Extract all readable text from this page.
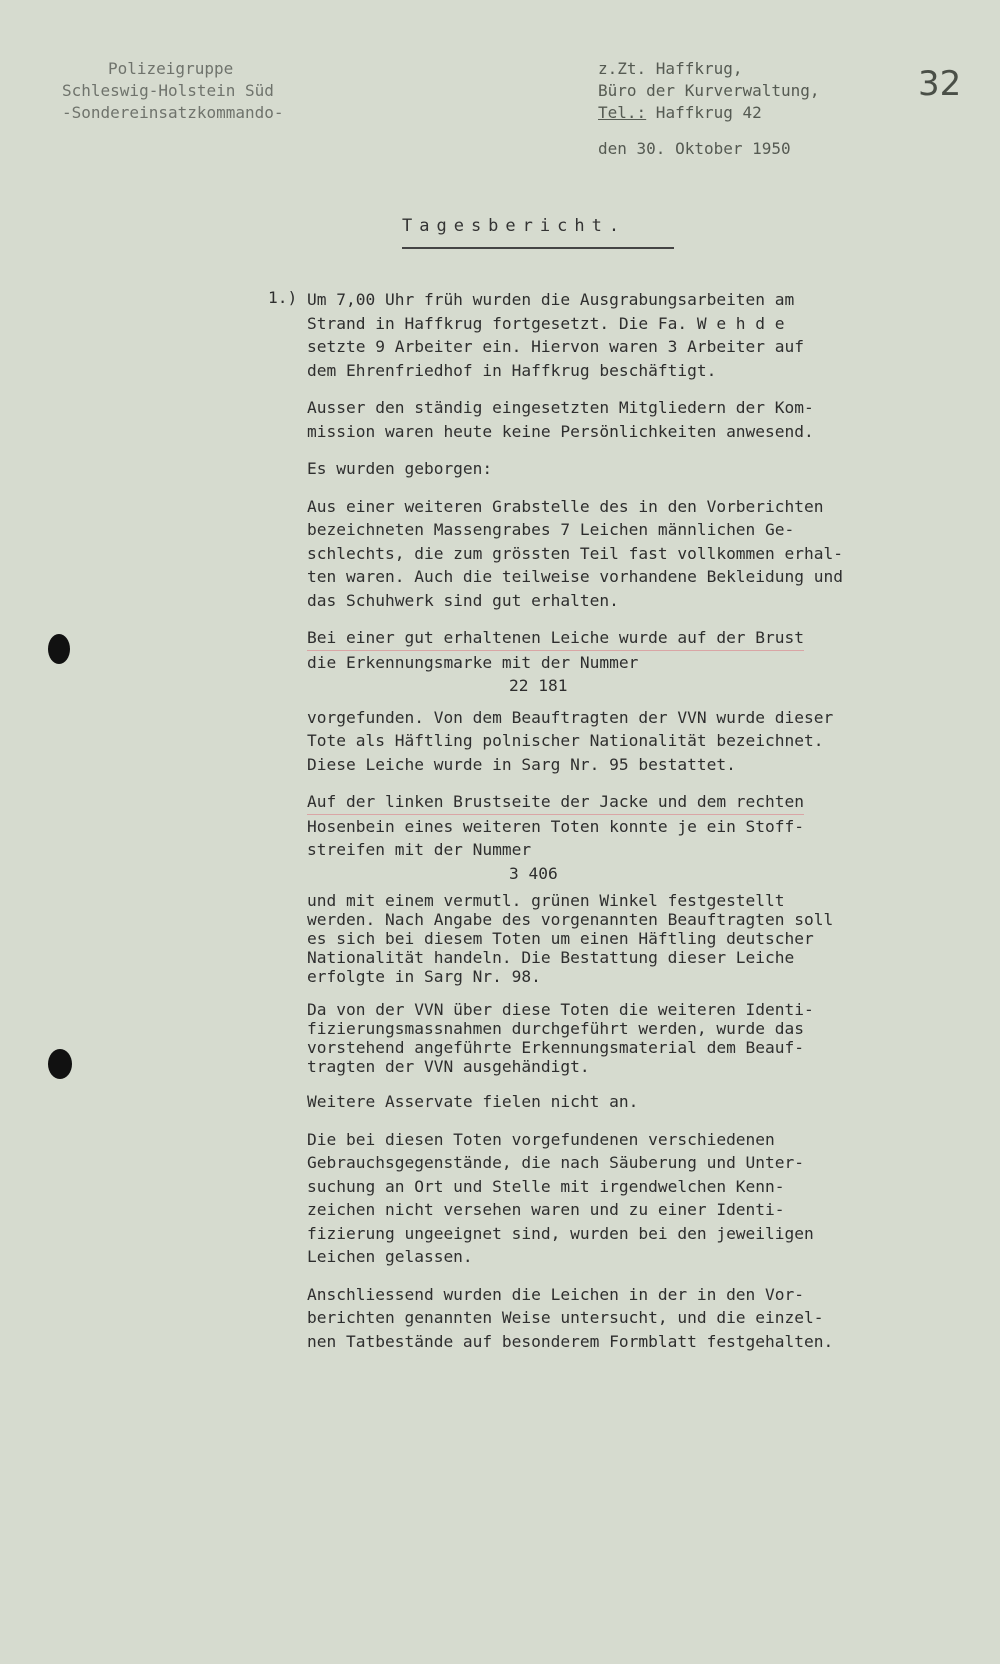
Polizeigruppe
Schleswig-Holstein Süd
-Sondereinsatzkommando-
z.Zt. Haffkrug,
Büro der Kurverwaltung,
Tel.: Haffkrug 42
den 30. Oktober 1950
32
Tagesbericht.
1.) Um 7,00 Uhr früh wurden die Ausgrabungsarbeiten am
Strand in Haffkrug fortgesetzt. Die Fa. W e h d e
setzte 9 Arbeiter ein. Hiervon waren 3 Arbeiter auf
dem Ehrenfriedhof in Haffkrug beschäftigt.
Ausser den ständig eingesetzten Mitgliedern der Kom-
mission waren heute keine Persönlichkeiten anwesend.
Es wurden geborgen:
Aus einer weiteren Grabstelle des in den Vorberichten
bezeichneten Massengrabes 7 Leichen männlichen Ge-
schlechts, die zum grössten Teil fast vollkommen erhal-
ten waren. Auch die teilweise vorhandene Bekleidung und
das Schuhwerk sind gut erhalten.
Bei einer gut erhaltenen Leiche wurde auf der Brust
die Erkennungsmarke mit der Nummer
22 181
vorgefunden. Von dem Beauftragten der VVN wurde dieser
Tote als Häftling polnischer Nationalität bezeichnet.
Diese Leiche wurde in Sarg Nr. 95 bestattet.
Auf der linken Brustseite der Jacke und dem rechten
Hosenbein eines weiteren Toten konnte je ein Stoff-
streifen mit der Nummer
3 406
und mit einem vermutl. grünen Winkel festgestellt
werden. Nach Angabe des vorgenannten Beauftragten soll
es sich bei diesem Toten um einen Häftling deutscher
Nationalität handeln. Die Bestattung dieser Leiche
erfolgte in Sarg Nr. 98.
Da von der VVN über diese Toten die weiteren Identi-
fizierungsmassnahmen durchgeführt werden, wurde das
vorstehend angeführte Erkennungsmaterial dem Beauf-
tragten der VVN ausgehändigt.
Weitere Asservate fielen nicht an.
Die bei diesen Toten vorgefundenen verschiedenen
Gebrauchsgegenstände, die nach Säuberung und Unter-
suchung an Ort und Stelle mit irgendwelchen Kenn-
zeichen nicht versehen waren und zu einer Identi-
fizierung ungeeignet sind, wurden bei den jeweiligen
Leichen gelassen.
Anschliessend wurden die Leichen in der in den Vor-
berichten genannten Weise untersucht, und die einzel-
nen Tatbestände auf besonderem Formblatt festgehalten.
